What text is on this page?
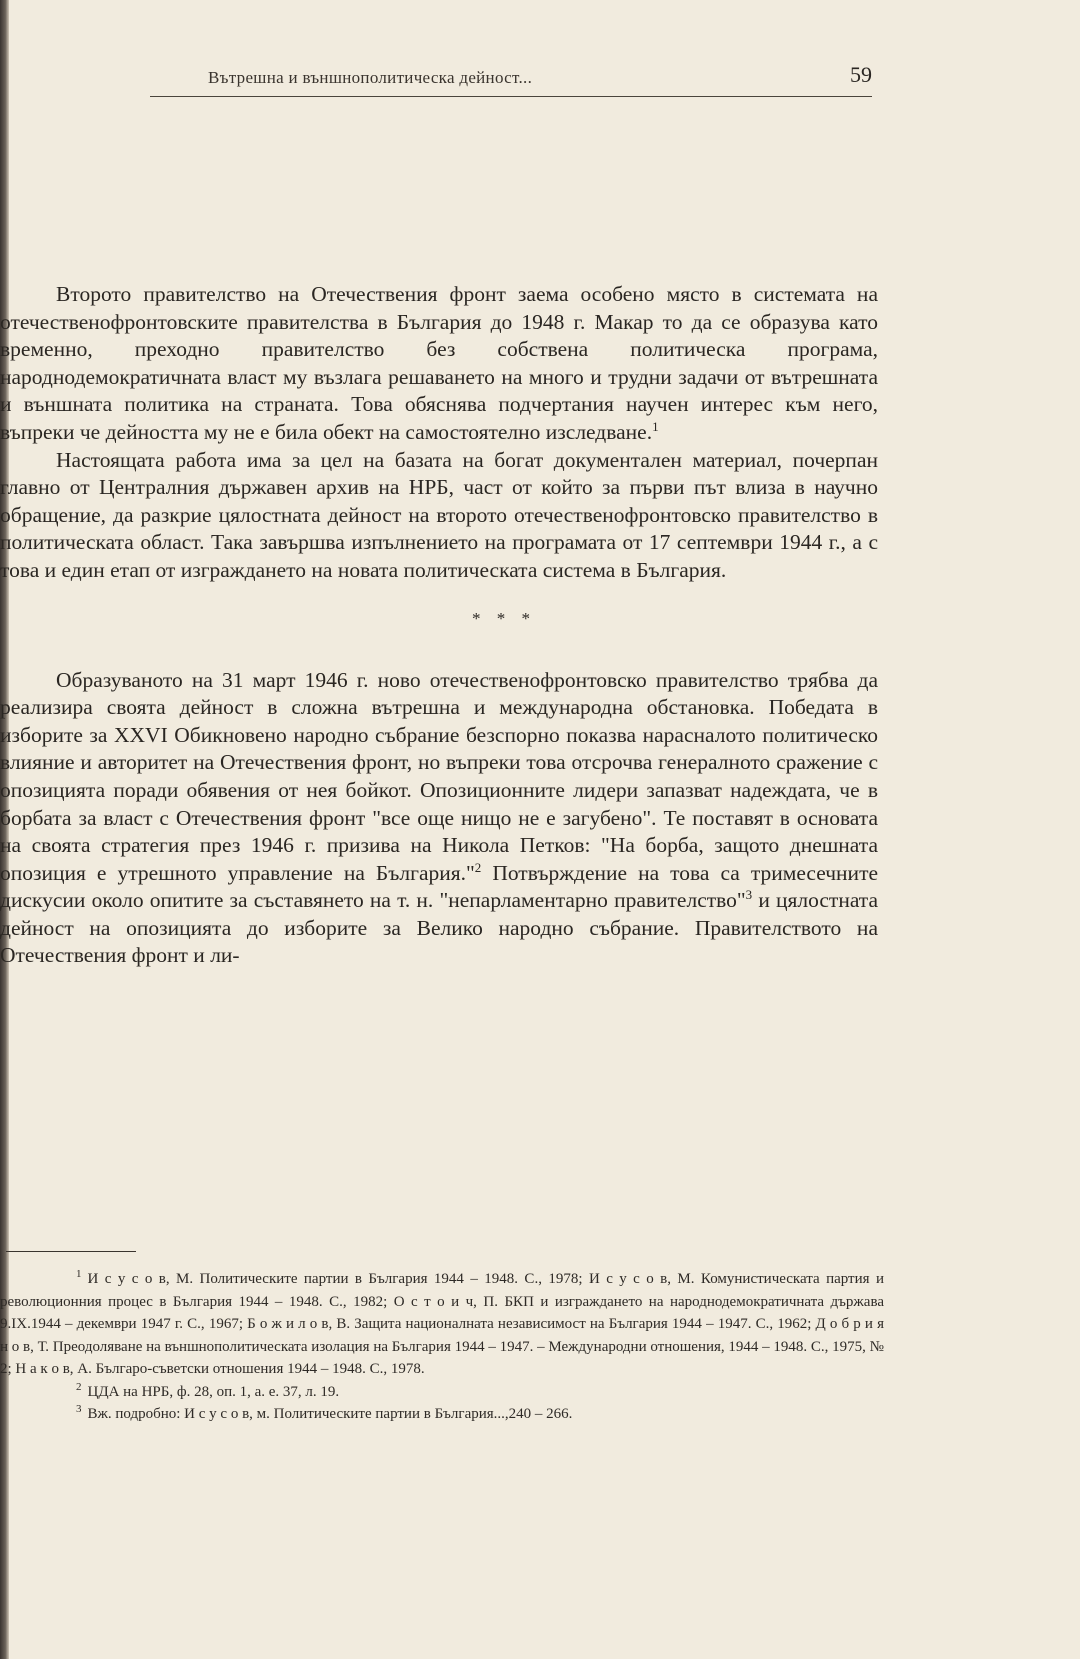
Вътрешна и външнополитическа дейност...	59

Второто правителство на Отечествения фронт заема особено място в системата на отечественофронтовските правителства в България до 1948 г. Макар то да се образува като временно, преходно правителство без собствена политическа програма, народнодемократичната власт му възлага решаването на много и трудни задачи от вътрешната и външната политика на страната. Това обяснява подчертания научен интерес към него, въпреки че дейността му не е била обект на самостоятелно изследване.$^1$

Настоящата работа има за цел на базата на богат документален материал, почерпан главно от Централния държавен архив на НРБ, част от който за първи път влиза в научно обращение, да разкрие цялостната дейност на второто отечественофронтовско правителство в политическата област. Така завършва изпълнението на програмата от 17 септември 1944 г., а с това и един етап от изграждането на новата политическата система в България.

* * *

Образуваното на 31 март 1946 г. ново отечественофронтовско правителство трябва да реализира своята дейност в сложна вътрешна и международна обстановка. Победата в изборите за XXVI Обикновено народно събрание безспорно показва нарасналото политическо влияние и авторитет на Отечествения фронт, но въпреки това отсрочва генералното сражение с опозицията поради обявения от нея бойкот. Опозиционните лидери запазват надеждата, че в борбата за власт с Отечествения фронт "все още нищо не е загубено". Те поставят в основата на своята стратегия през 1946 г. призива на Никола Петков: "На борба, защото днешната опозиция е утрешното управление на България."$^2$ Потвърждение на това са тримесечните дискусии около опитите за съставянето на т. н. "непарламентарно правителство"$^3$ и цялостната дейност на опозицията до изборите за Велико народно събрание. Правителството на Отечествения фронт и ли-

$^1$ И с у с о в, М. Политическите партии в България 1944 – 1948. С., 1978; И с у с о в, М. Комунистическата партия и революционния процес в България 1944 – 1948. С., 1982; О с т о и ч, П. БКП и изграждането на народнодемократичната държава 9.IX.1944 – декември 1947 г. С., 1967; Б о ж и л о в, В. Защита националната независимост на България 1944 – 1947. С., 1962; Д о б р и я н о в, Т. Преодоляване на външнополитическата изолация на България 1944 – 1947. – Международни отношения, 1944 – 1948. С., 1975, № 2; Н а к о в, А. Българо-съветски отношения 1944 – 1948. С., 1978.

$^2$ ЦДА на НРБ, ф. 28, оп. 1, а. е. 37, л. 19.

$^3$ Вж. подробно: И с у с о в, м. Политическите партии в България...,240 – 266.
